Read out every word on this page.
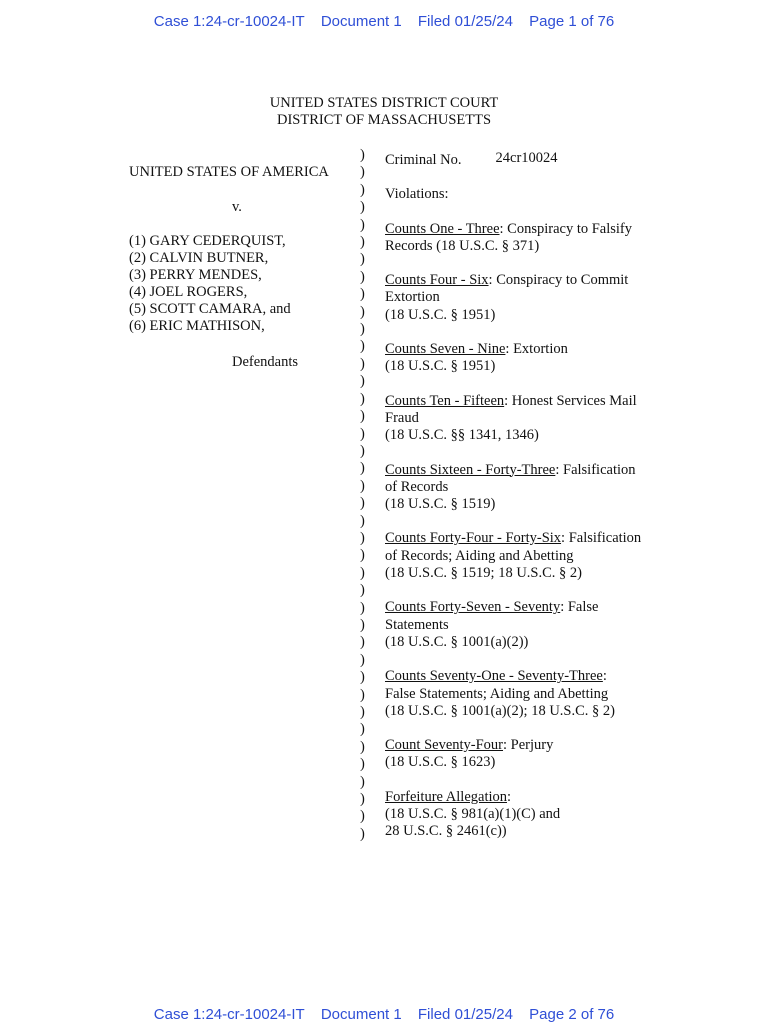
Case 1:24-cr-10024-IT Document 1 Filed 01/25/24 Page 1 of 76
UNITED STATES DISTRICT COURT
DISTRICT OF MASSACHUSETTS
UNITED STATES OF AMERICA
v.
(1) GARY CEDERQUIST,
(2) CALVIN BUTNER,
(3) PERRY MENDES,
(4) JOEL ROGERS,
(5) SCOTT CAMARA, and
(6) ERIC MATHISON,
Defendants
)
)
)
)
)
)
)
)
)
)
)
)
)
)
)
)
)
)
)
)
)
)
)
)
)
)
)
)
)
)
)
)
)
)
)
)
)
)
)
)
Criminal No. 24cr10024
Violations:
Counts One - Three: Conspiracy to Falsify
Records (18 U.S.C. § 371)
Counts Four - Six: Conspiracy to Commit
Extortion
(18 U.S.C. § 1951)
Counts Seven - Nine: Extortion
(18 U.S.C. § 1951)
Counts Ten - Fifteen: Honest Services Mail
Fraud
(18 U.S.C. §§ 1341, 1346)
Counts Sixteen - Forty-Three: Falsification
of Records
(18 U.S.C. § 1519)
Counts Forty-Four - Forty-Six: Falsification
of Records; Aiding and Abetting
(18 U.S.C. § 1519; 18 U.S.C. § 2)
Counts Forty-Seven - Seventy: False
Statements
(18 U.S.C. § 1001(a)(2))
Counts Seventy-One - Seventy-Three:
False Statements; Aiding and Abetting
(18 U.S.C. § 1001(a)(2); 18 U.S.C. § 2)
Count Seventy-Four: Perjury
(18 U.S.C. § 1623)
Forfeiture Allegation:
(18 U.S.C. § 981(a)(1)(C) and
28 U.S.C. § 2461(c))
Case 1:24-cr-10024-IT Document 1 Filed 01/25/24 Page 2 of 76
